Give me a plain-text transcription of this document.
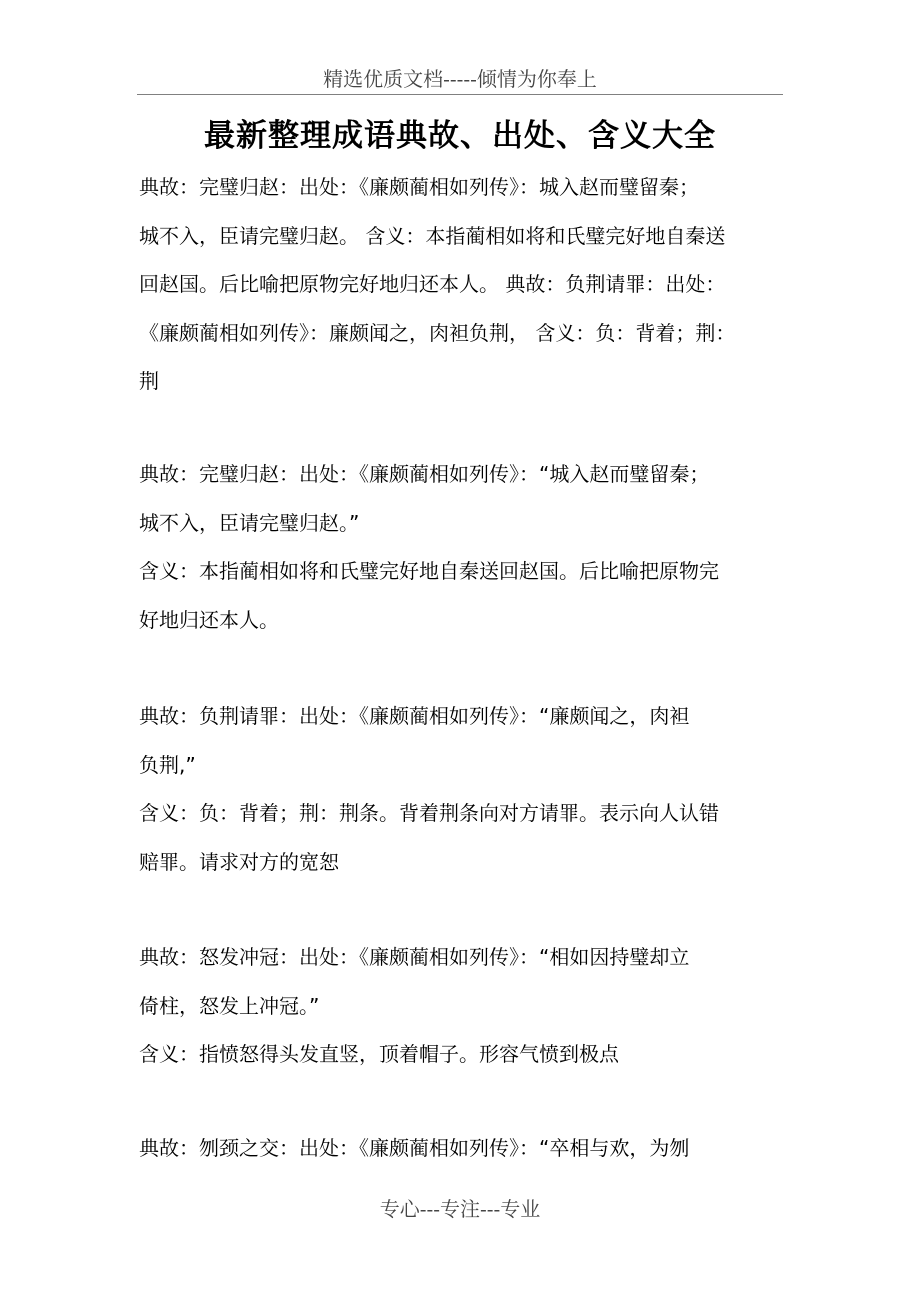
精选优质文档-----倾情为你奉上
最新整理成语典故、出处、含义大全
典故：完璧归赵：出处：《廉颇蔺相如列传》：城入赵而璧留秦；
城不入，臣请完璧归赵。 含义：本指蔺相如将和氏璧完好地自秦送
回赵国。后比喻把原物完好地归还本人。 典故：负荆请罪：出处：
《廉颇蔺相如列传》：廉颇闻之，肉袒负荆， 含义：负：背着；荆：
荆
典故：完璧归赵：出处：《廉颇蔺相如列传》：“城入赵而璧留秦；
城不入，臣请完璧归赵。”
含义：本指蔺相如将和氏璧完好地自秦送回赵国。后比喻把原物完
好地归还本人。
典故：负荆请罪：出处：《廉颇蔺相如列传》：“廉颇闻之，肉袒
负荆,”
含义：负：背着；荆：荆条。背着荆条向对方请罪。表示向人认错
赔罪。请求对方的宽恕
典故：怒发冲冠：出处：《廉颇蔺相如列传》：“相如因持璧却立
倚柱，怒发上冲冠。”
含义：指愤怒得头发直竖，顶着帽子。形容气愤到极点
典故：刎颈之交：出处：《廉颇蔺相如列传》：“卒相与欢，为刎
专心---专注---专业
